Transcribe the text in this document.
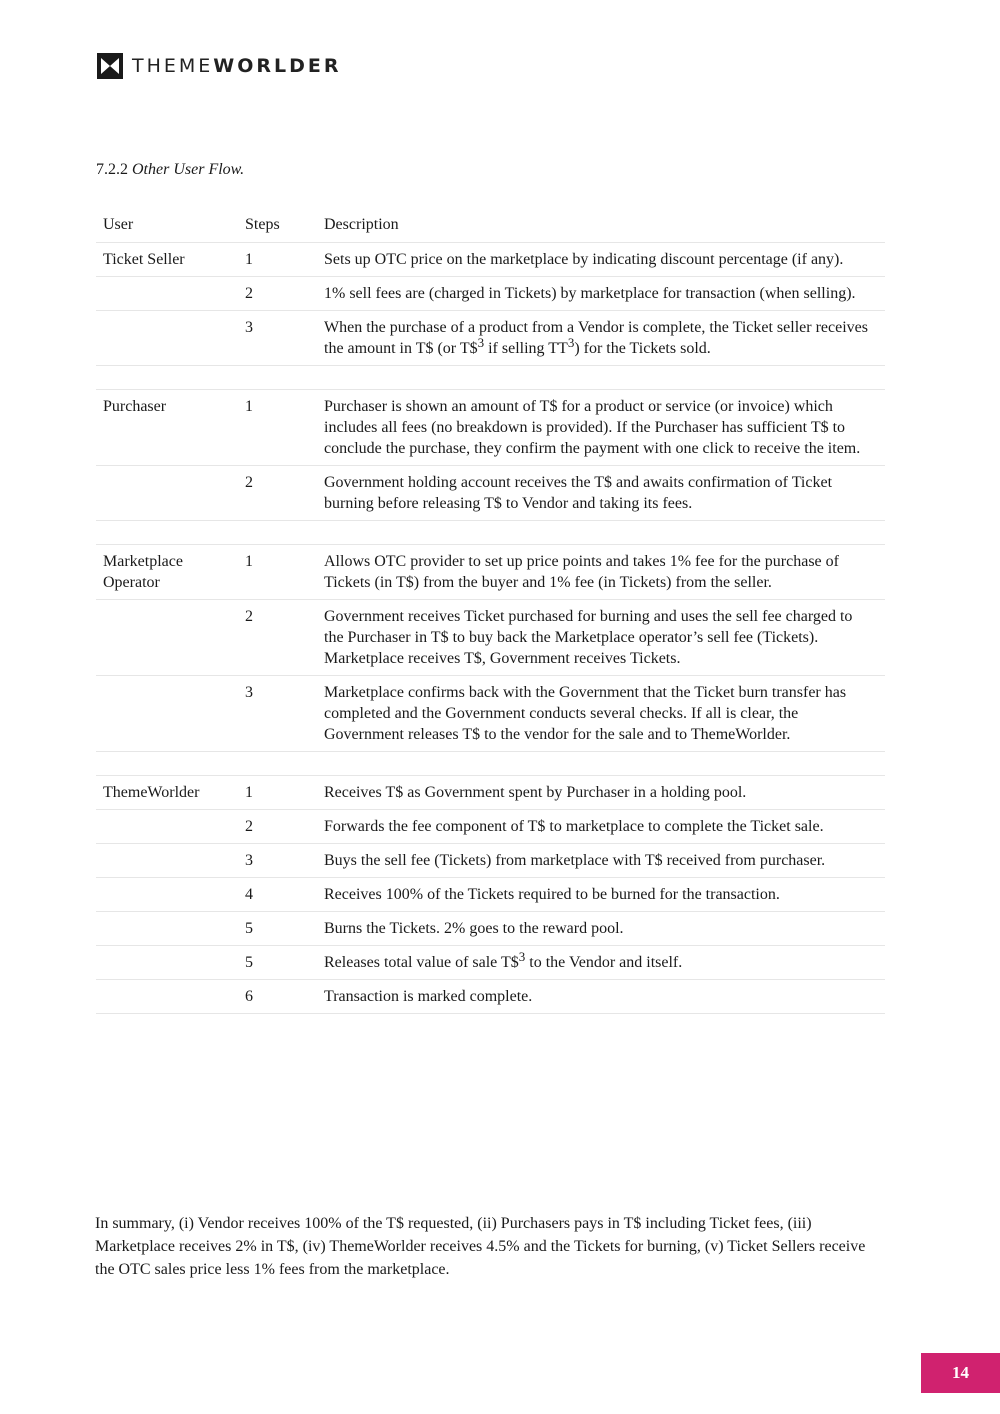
THEMEWORLDER
7.2.2 Other User Flow.
User	Steps	Description
Ticket Seller	1	Sets up OTC price on the marketplace by indicating discount percentage (if any).
	2	1% sell fees are (charged in Tickets) by marketplace for transaction (when selling).
	3	When the purchase of a product from a Vendor is complete, the Ticket seller receives the amount in T$ (or T\$$^3$ if selling TT$^3$) for the Tickets sold.

Purchaser	1	Purchaser is shown an amount of T$ for a product or service (or invoice) which includes all fees (no breakdown is provided). If the Purchaser has sufficient T$ to conclude the purchase, they confirm the payment with one click to receive the item.
	2	Government holding account receives the T$ and awaits confirmation of Ticket burning before releasing T$ to Vendor and taking its fees.

Marketplace Operator	1	Allows OTC provider to set up price points and takes 1% fee for the purchase of Tickets (in T$) from the buyer and 1% fee (in Tickets) from the seller.
	2	Government receives Ticket purchased for burning and uses the sell fee charged to the Purchaser in T$ to buy back the Marketplace operator’s sell fee (Tickets). Marketplace receives T$, Government receives Tickets.
	3	Marketplace confirms back with the Government that the Ticket burn transfer has completed and the Government conducts several checks. If all is clear, the Government releases T$ to the vendor for the sale and to ThemeWorlder.

ThemeWorlder	1	Receives T$ as Government spent by Purchaser in a holding pool.
	2	Forwards the fee component of T$ to marketplace to complete the Ticket sale.
	3	Buys the sell fee (Tickets) from marketplace with T$ received from purchaser.
	4	Receives 100% of the Tickets required to be burned for the transaction.
	5	Burns the Tickets. 2% goes to the reward pool.
	5	Releases total value of sale T\$$^3$ to the Vendor and itself.
	6	Transaction is marked complete.

In summary, (i) Vendor receives 100% of the T$ requested, (ii) Purchasers pays in T$ including Ticket fees, (iii) Marketplace receives 2% in T$, (iv) ThemeWorlder receives 4.5% and the Tickets for burning, (v) Ticket Sellers receive the OTC sales price less 1% fees from the marketplace.

14
